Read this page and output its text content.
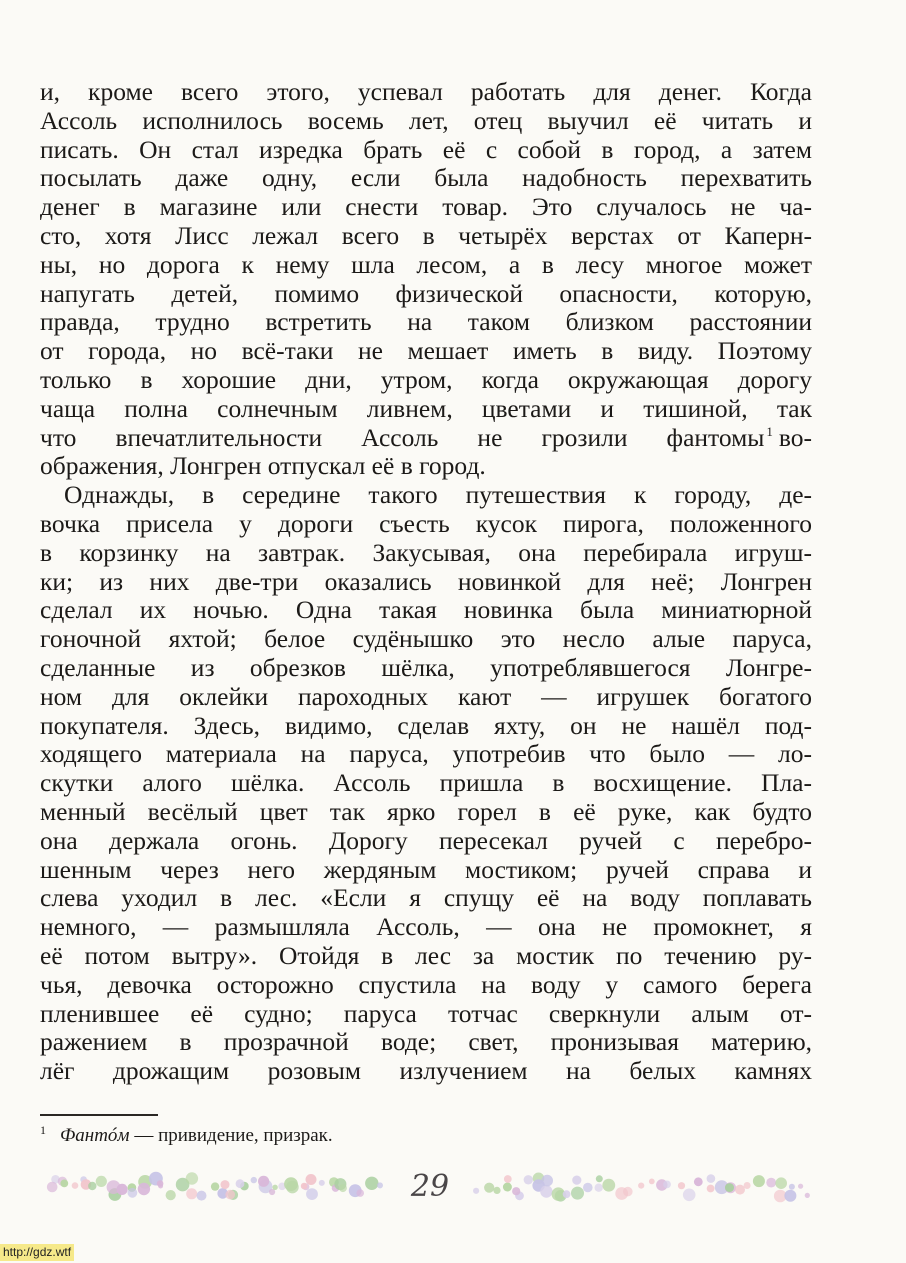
и, кроме всего этого, успевал работать для денег. Когда
Ассоль исполнилось восемь лет, отец выучил её читать и
писать. Он стал изредка брать её с собой в город, а затем
посылать даже одну, если была надобность перехватить
денег в магазине или снести товар. Это случалось не ча-
сто, хотя Лисс лежал всего в четырёх верстах от Каперн-
ны, но дорога к нему шла лесом, а в лесу многое может
напугать детей, помимо физической опасности, которую,
правда, трудно встретить на таком близком расстоянии
от города, но всё-таки не мешает иметь в виду. Поэтому
только в хорошие дни, утром, когда окружающая дорогу
чаща полна солнечным ливнем, цветами и тишиной, так
что впечатлительности Ассоль не грозили фантомы $^1$ во-
ображения, Лонгрен отпускал её в город.
Однажды, в середине такого путешествия к городу, де-
вочка присела у дороги съесть кусок пирога, положенного
в корзинку на завтрак. Закусывая, она перебирала игруш-
ки; из них две-три оказались новинкой для неё; Лонгрен
сделал их ночью. Одна такая новинка была миниатюрной
гоночной яхтой; белое судёнышко это несло алые паруса,
сделанные из обрезков шёлка, употреблявшегося Лонгре-
ном для оклейки пароходных кают — игрушек богатого
покупателя. Здесь, видимо, сделав яхту, он не нашёл под-
ходящего материала на паруса, употребив что было — ло-
скутки алого шёлка. Ассоль пришла в восхищение. Пла-
менный весёлый цвет так ярко горел в её руке, как будто
она держала огонь. Дорогу пересекал ручей с перебро-
шенным через него жердяным мостиком; ручей справа и
слева уходил в лес. «Если я спущу её на воду поплавать
немного, — размышляла Ассоль, — она не промокнет, я
её потом вытру». Отойдя в лес за мостик по течению ру-
чья, девочка осторожно спустила на воду у самого берега
пленившее её судно; паруса тотчас сверкнули алым от-
ражением в прозрачной воде; свет, пронизывая материю,
лёг дрожащим розовым излучением на белых камнях
$^1$ Фантóм — привидение, призрак.
29
http://gdz.wtf
